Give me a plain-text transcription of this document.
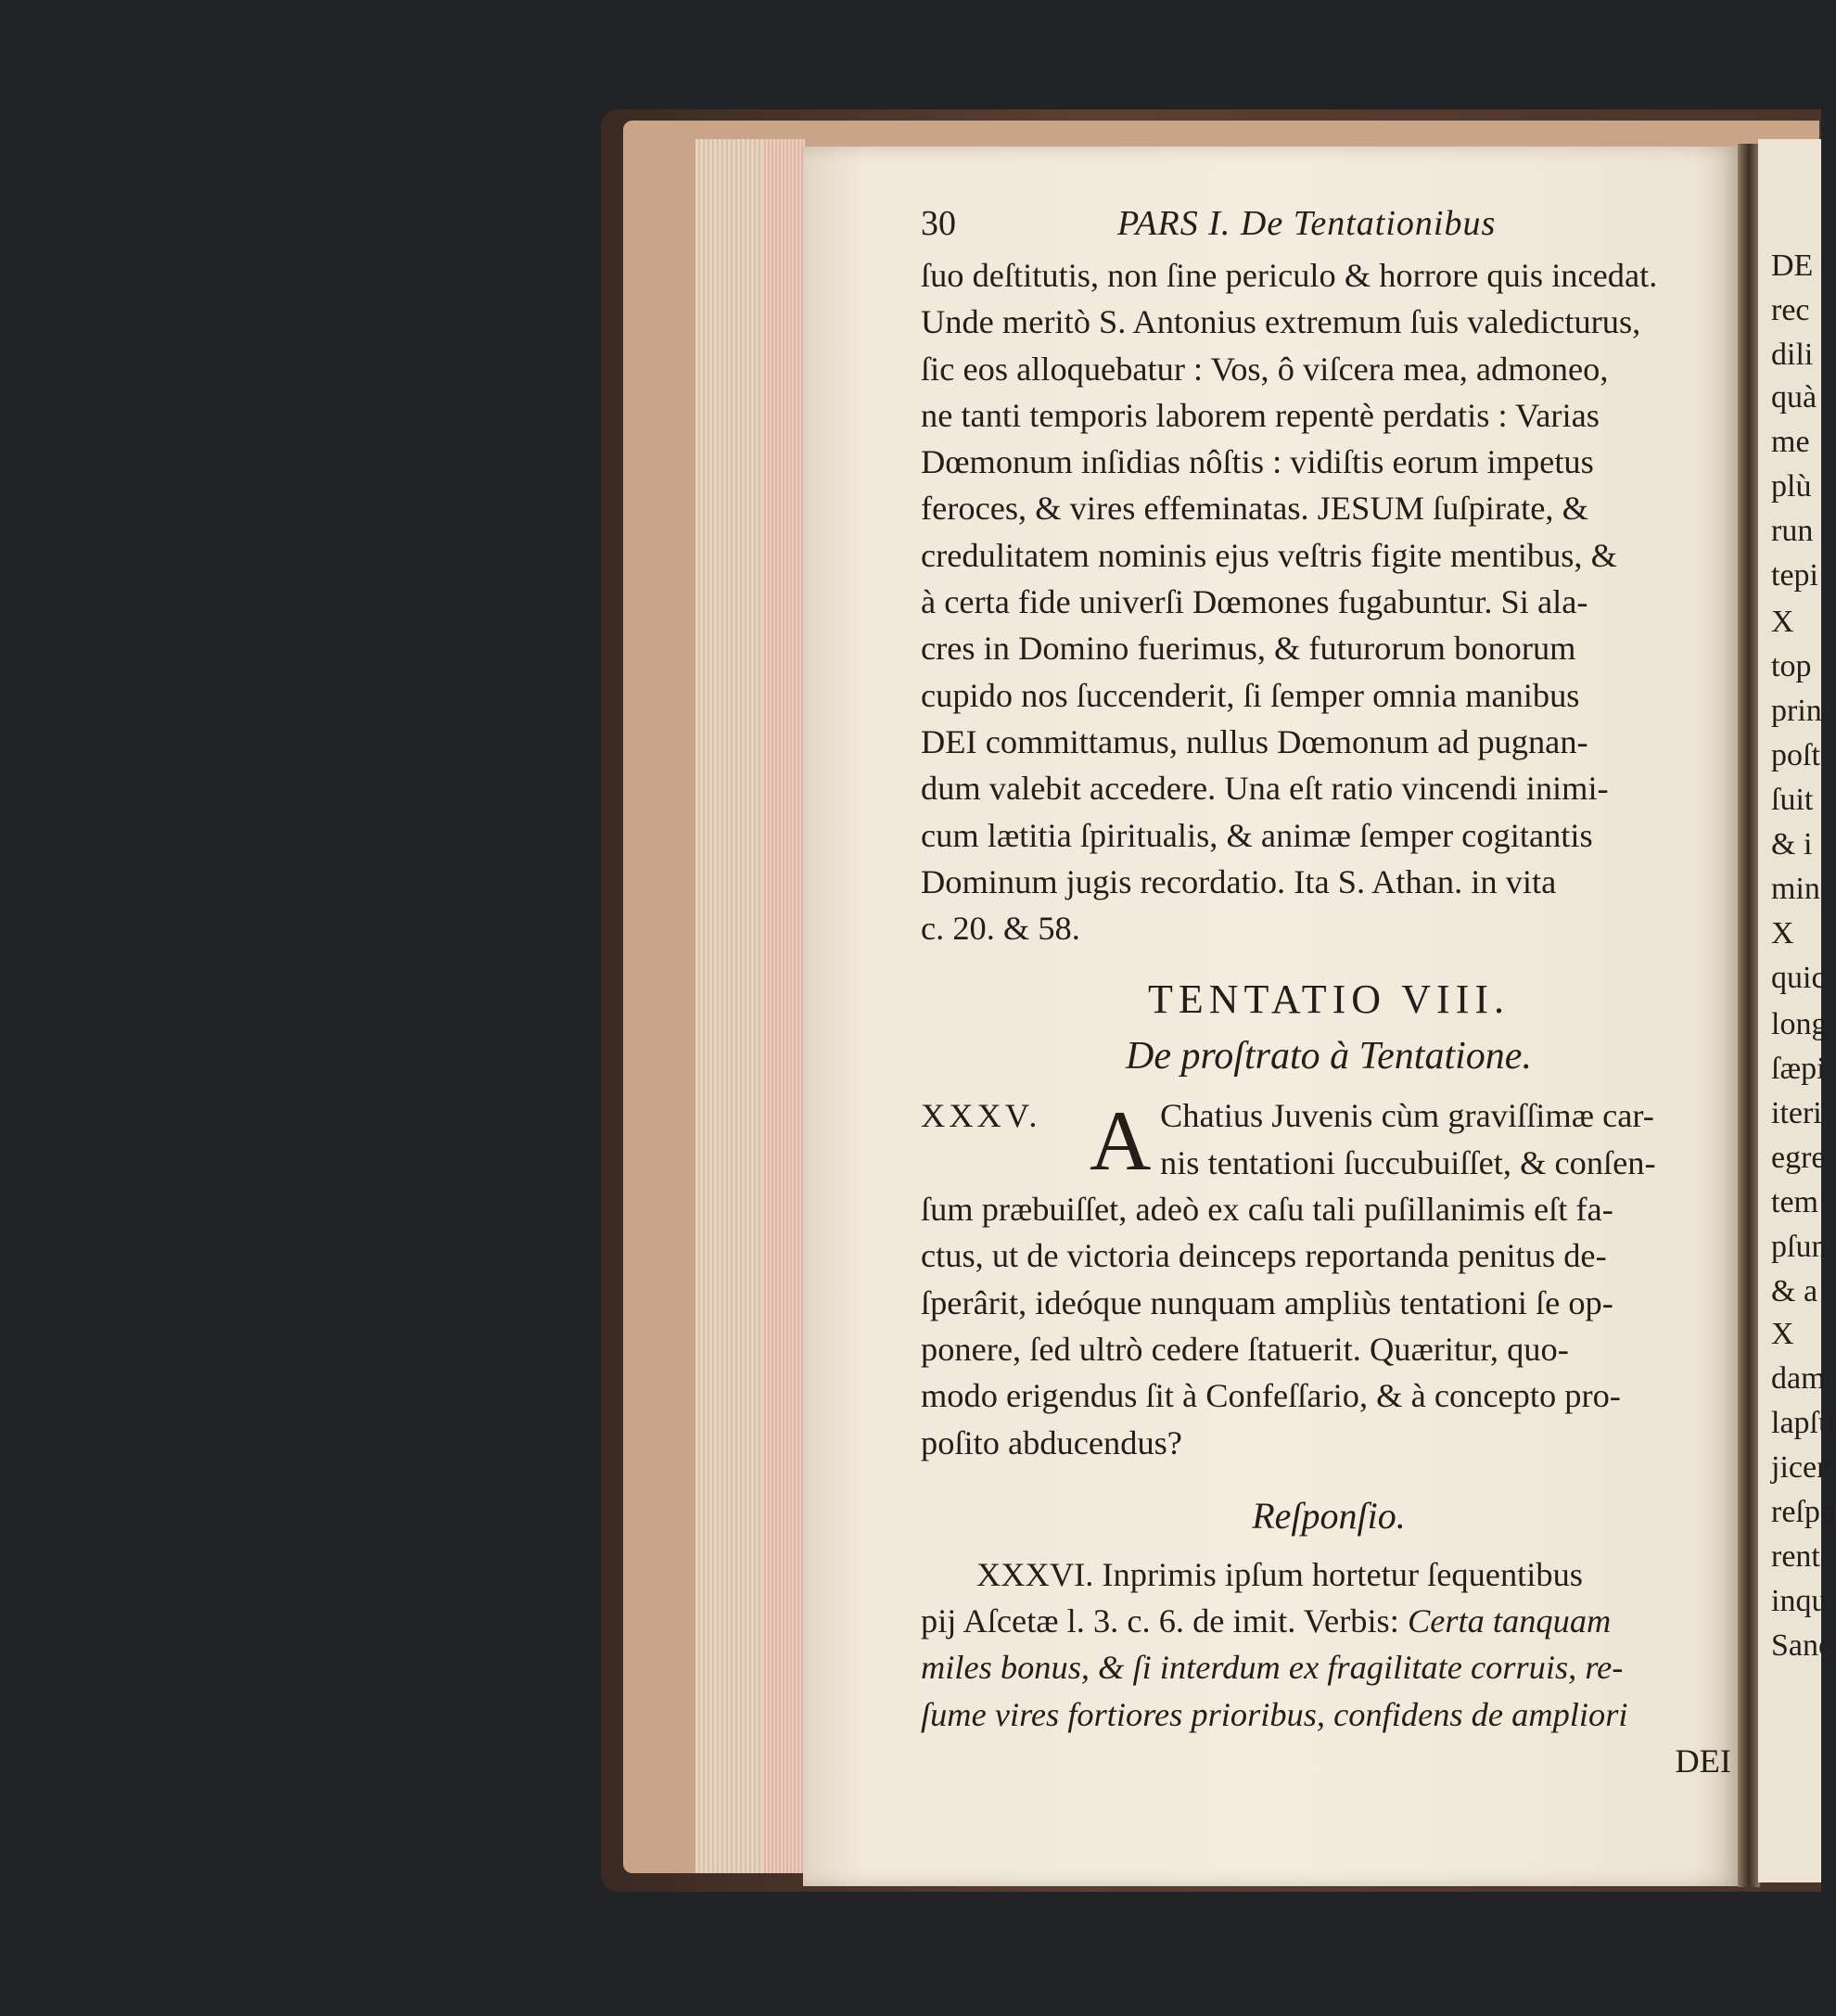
30	PARS I. De Tentationibus
ſuo deſtitutis, non ſine periculo & horrore quis incedat.
Unde meritò S. Antonius extremum ſuis valedicturus,
ſic eos alloquebatur : Vos, ô viſcera mea, admoneo,
ne tanti temporis laborem repentè perdatis : Varias
Dœmonum inſidias nôſtis : vidiſtis eorum impetus
feroces, & vires effeminatas. JESUM ſuſpirate, &
credulitatem nominis ejus veſtris figite mentibus, &
à certa fide univerſi Dœmones fugabuntur. Si ala-
cres in Domino fuerimus, & futurorum bonorum
cupido nos ſuccenderit, ſi ſemper omnia manibus
DEI committamus, nullus Dœmonum ad pugnan-
dum valebit accedere. Una eſt ratio vincendi inimi-
cum lætitia ſpiritualis, & animæ ſemper cogitantis
Dominum jugis recordatio. Ita S. Athan. in vita
c. 20. & 58.
TENTATIO VIII.
De proſtrato à Tentatione.
XXXV. A Chatius Juvenis cùm graviſſimæ car-
nis tentationi ſuccubuiſſet, & conſen-
ſum præbuiſſet, adeò ex caſu tali puſillanimis eſt fa-
ctus, ut de victoria deinceps reportanda penitus de-
ſperârit, ideóque nunquam ampliùs tentationi ſe op-
ponere, ſed ultrò cedere ſtatuerit. Quæritur, quo-
modo erigendus ſit à Confeſſario, & à concepto pro-
poſito abducendus?
Reſponſio.
XXXVI. Inprimis ipſum hortetur ſequentibus
pij Aſcetæ l. 3. c. 6. de imit. Verbis: Certa tanquam
miles bonus, & ſi interdum ex fragilitate corruis, re-
ſume vires fortiores prioribus, confidens de ampliori
DEI
DE
rec
dili
quà
me
plù
run
tepi
X
top
prin
poſt
ſuit
& i
min
X
quic
long
ſæpi
iteri
egre
tem
pſun
& a
X
dam
lapſu
jicer
reſpo
rent
inqu
Sanc
